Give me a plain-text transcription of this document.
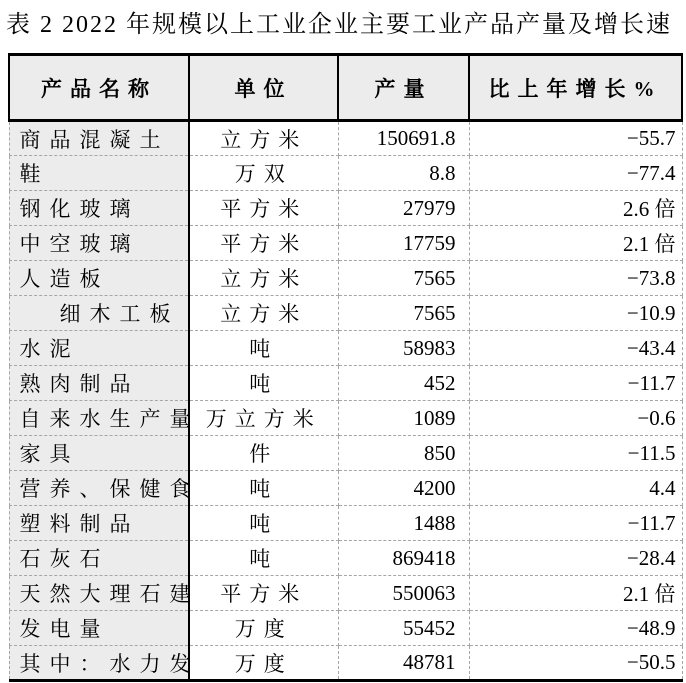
表 2 2022 年规模以上工业企业主要工业产品产量及增长速
产品名称	单位	产量	比上年增长%
商品混凝土	立方米	150691.8	−55.7
鞋	万双	8.8	−77.4
钢化玻璃	平方米	27979	2.6 倍
中空玻璃	平方米	17759	2.1 倍
人造板	立方米	7565	−73.8
细木工板	立方米	7565	−10.9
水泥	吨	58983	−43.4
熟肉制品	吨	452	−11.7
自来水生产量	万立方米	1089	−0.6
家具	件	850	−11.5
营养、保健食	吨	4200	4.4
塑料制品	吨	1488	−11.7
石灰石	吨	869418	−28.4
天然大理石建	平方米	550063	2.1 倍
发电量	万度	55452	−48.9
其中：水力发	万度	48781	−50.5
